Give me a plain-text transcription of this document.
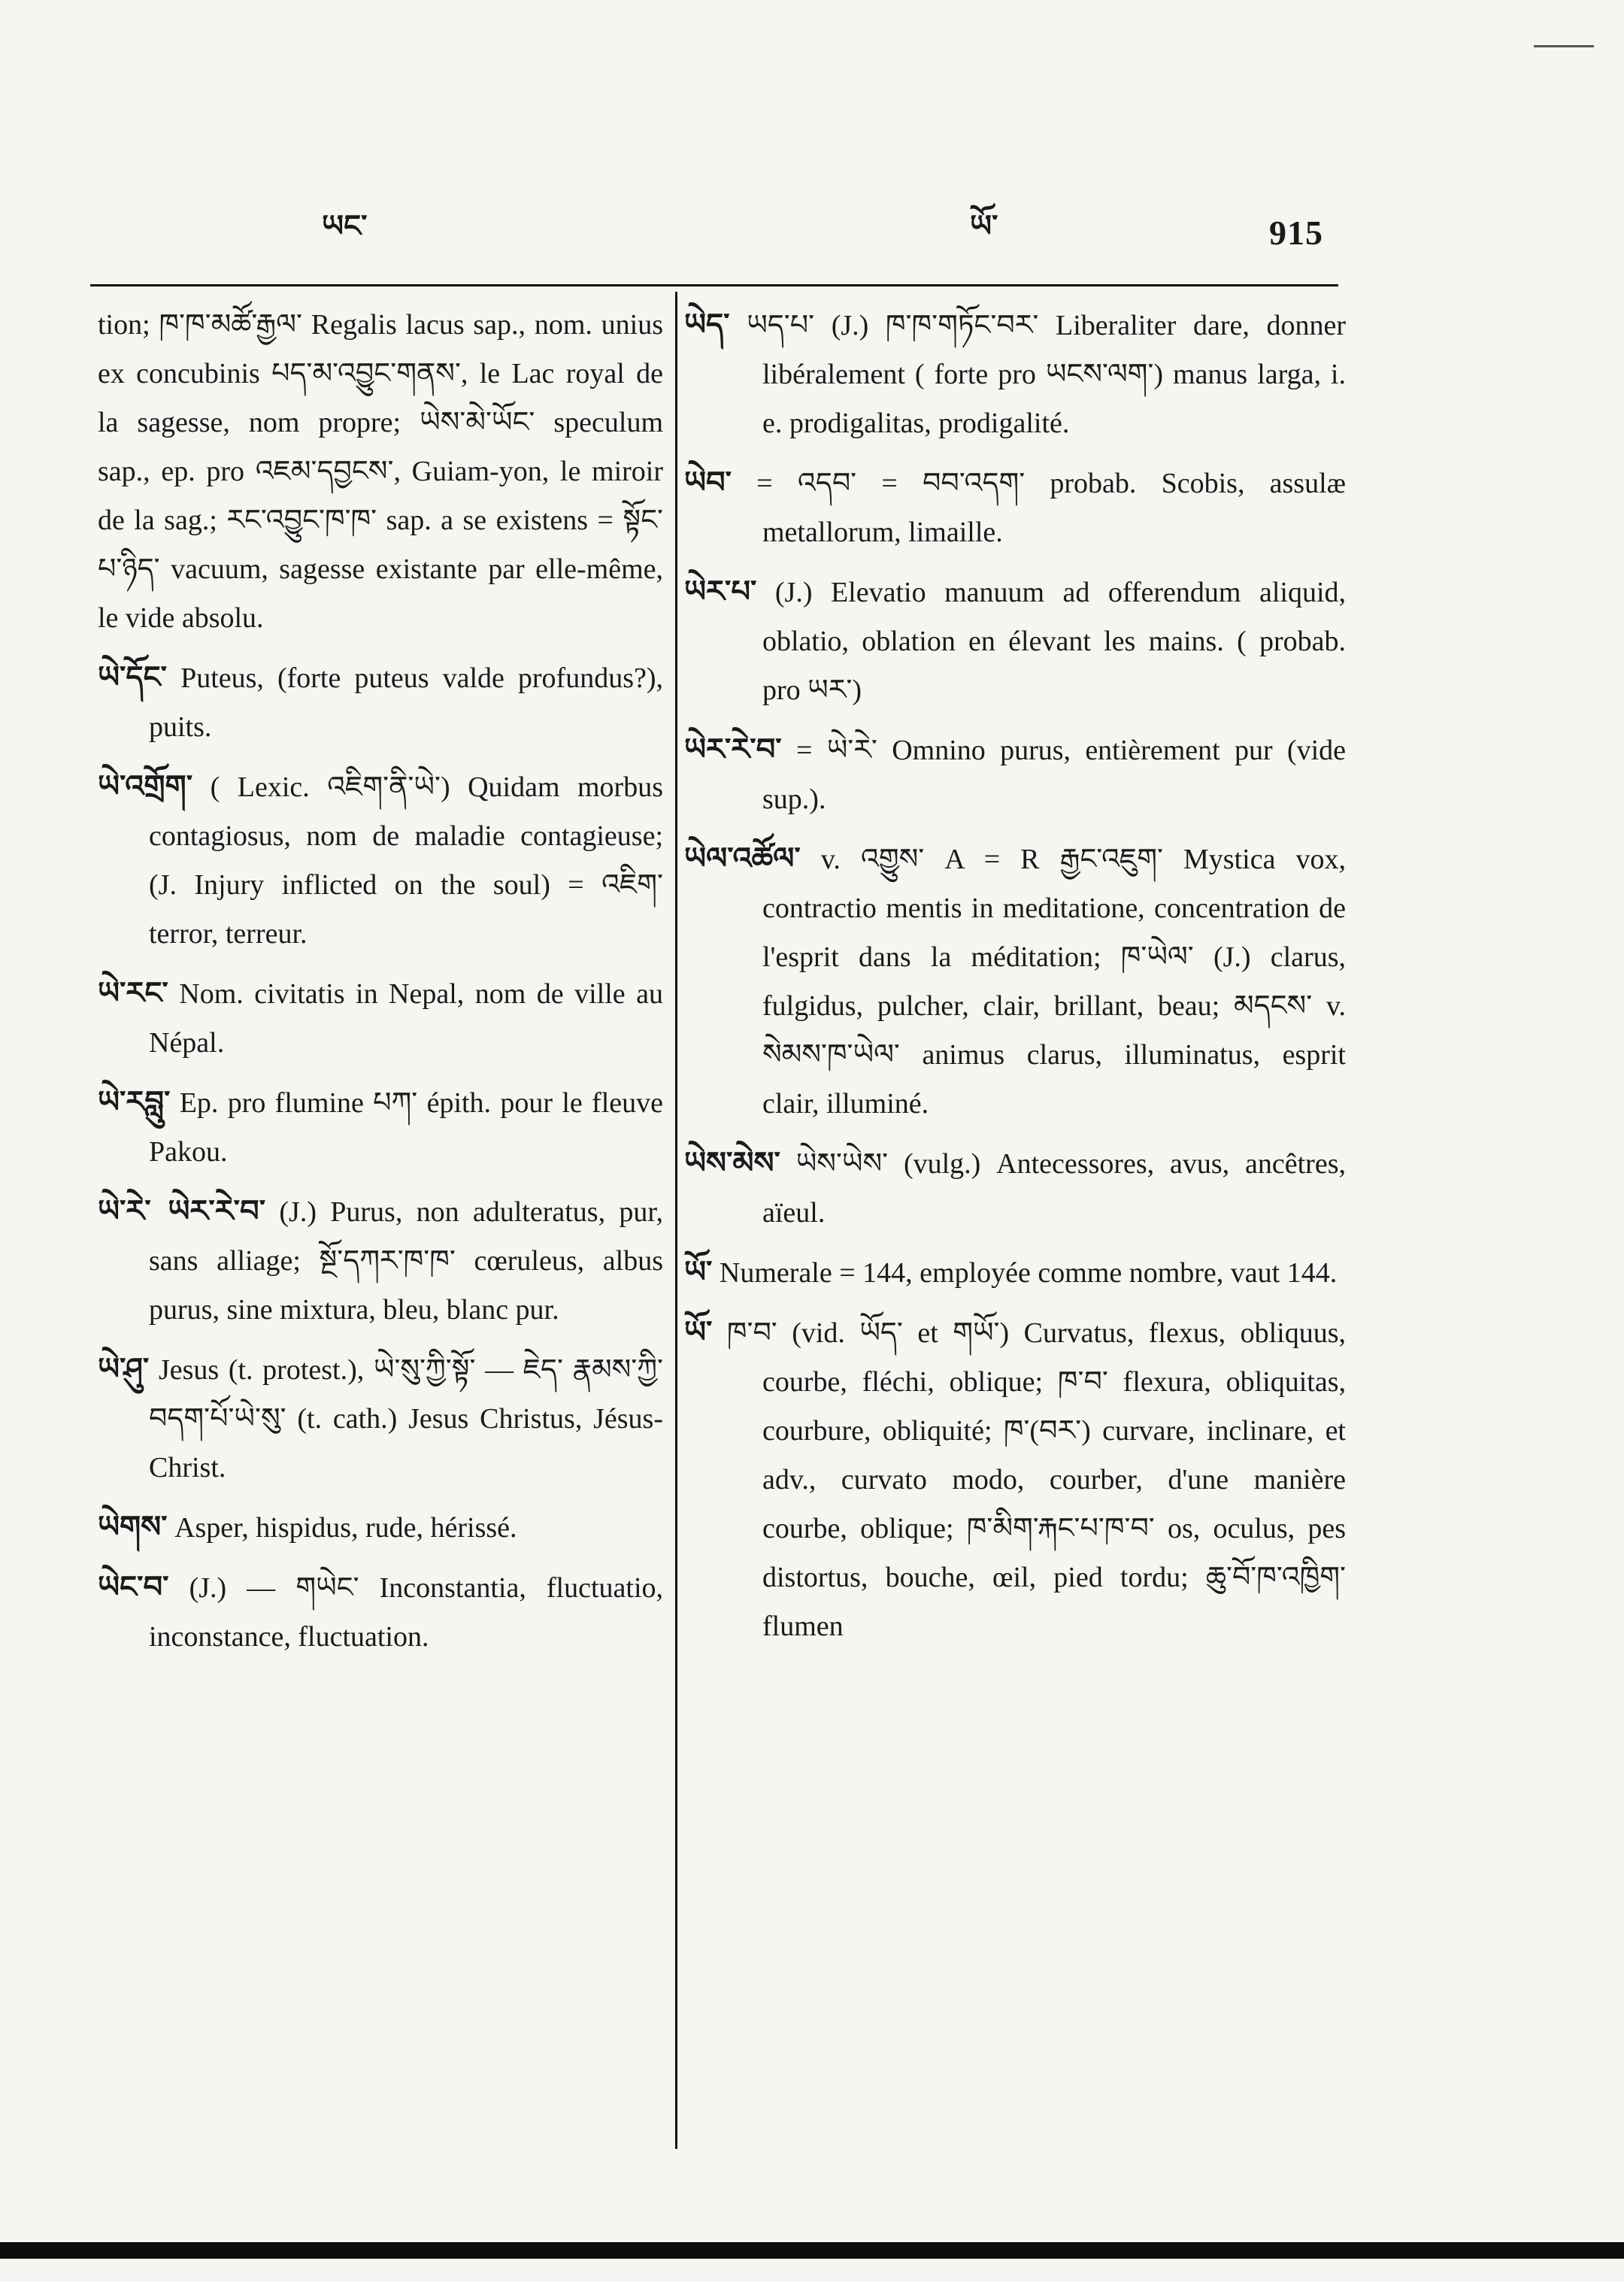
ཡང་	ཡོ་	915

tion; ཁ་ཁ་མཚོ་རྒྱལ་ Regalis lacus sap., nom. unius ex concubinis པད་མ་འབྱུང་གནས་, le Lac royal de la sagesse, nom propre; ཡེས་མེ་ཡོང་ speculum sap., ep. pro འཇམ་དབྱངས་, Guiam-yon, le miroir de la sag.; རང་འབྱུང་ཁ་ཁ་ sap. a se existens = སྟོང་པ་ཉིད་ vacuum, sagesse existante par elle-même, le vide absolu.

ཡེ་དོང་ Puteus, (forte puteus valde profundus?), puits.
ཡེ་འགྲོག་ ( Lexic. འཇིག་ནི་ཡེ་) Quidam morbus contagiosus, nom de maladie contagieuse; (J. Injury inflicted on the soul) = འཇིག་ terror, terreur.
ཡེ་རང་ Nom. civitatis in Nepal, nom de ville au Népal.
ཡེ་རབླུ་ Ep. pro flumine པཀ་ épith. pour le fleuve Pakou.
ཡེ་རེ་ ཡེར་རེ་བ་ (J.) Purus, non adulteratus, pur, sans alliage; སྔོ་དཀར་ཁ་ཁ་ cœruleus, albus purus, sine mixtura, bleu, blanc pur.
ཡེ་ཤུ་ Jesus (t. protest.), ཡེ་སུ་ཀྱི་སྟོ་ — ཇེད་ རྣམས་ཀྱི་བདག་པོ་ཡེ་སུ་ (t. cath.) Jesus Christus, Jésus-Christ.
ཡེགས་ Asper, hispidus, rude, hérissé.
ཡེང་བ་ (J.) — གཡེང་ Inconstantia, fluctuatio, inconstance, fluctuation.
ཡེད་ ཡད་པ་ (J.) ཁ་ཁ་གཏོང་བར་ Liberaliter dare, donner libéralement ( forte pro ཡངས་ལག་) manus larga, i. e. prodigalitas, prodigalité.
ཡེབ་ = འདབ་ = བབ་འདག་ probab. Scobis, assulæ metallorum, limaille.
ཡེར་པ་ (J.) Elevatio manuum ad offerendum aliquid, oblatio, oblation en élevant les mains. ( probab. pro ཡར་)
ཡེར་རེ་བ་ = ཡེ་རེ་ Omnino purus, entièrement pur (vide sup.).
ཡེལ་འཚོལ་ v. འགྱུས་ A = R རྒྱང་འཇུག་ Mystica vox, contractio mentis in meditatione, concentration de l'esprit dans la méditation; ཁ་ཡེལ་ (J.) clarus, fulgidus, pulcher, clair, brillant, beau; མདངས་ v. སེམས་ཁ་ཡེལ་ animus clarus, illuminatus, esprit clair, illuminé.
ཡེས་མེས་ ཡེས་ཡེས་ (vulg.) Antecessores, avus, ancêtres, aïeul.
ཡོ་ Numerale = 144, employée comme nombre, vaut 144.
ཡོ་ ཁ་བ་ (vid. ཡོད་ et གཡོ་) Curvatus, flexus, obliquus, courbe, fléchi, oblique; ཁ་བ་ flexura, obliquitas, courbure, obliquité; ཁ་(བར་) curvare, inclinare, et adv., curvato modo, courber, d'une manière courbe, oblique; ཁ་མིག་རྐང་པ་ཁ་བ་ os, oculus, pes distortus, bouche, œil, pied tordu; ཆུ་བོ་ཁ་འཁྱིག་ flumen
